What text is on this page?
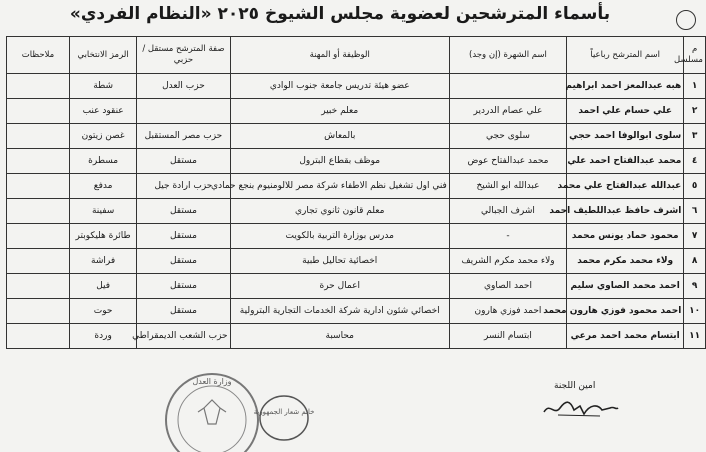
بأسماء المترشحين لعضوية مجلس الشيوخ ٢٠٢٥ «النظام الفردي»
م مسلسل	اسم المترشح رباعياً	اسم الشهرة (إن وجد)	الوظيفة أو المهنة	صفة المترشح مستقل / حزبي	الرمز الانتخابي	ملاحظات
١	هبه عبدالمعز احمد ابراهيم		عضو هيئة تدريس جامعة جنوب الوادي	حزب العدل	شطة	
٢	علي حسام علي احمد	علي عصام الدردير	معلم خبير		عنقود عنب	
٣	سلوى ابوالوفا احمد حجي	سلوى حجي	بالمعاش	حزب مصر المستقبل	غصن زيتون	
٤	محمد عبدالفتاح احمد علي	محمد عبدالفتاح عوض	موظف بقطاع البترول	مستقل	مسطرة	
٥	عبدالله عبدالفتاح علي محمد	عبدالله ابو الشيخ	فني اول تشغيل نظم الاطفاء شركة مصر للالومنيوم بنجع حمادي	حزب ارادة جيل	مدفع	
٦	اشرف حافظ عبداللطيف احمد	اشرف الجبالي	معلم قانون ثانوي تجاري	مستقل	سفينة	
٧	محمود حماد يونس محمد	-	مدرس بوزارة التربية بالكويت	مستقل	طائرة هليكوبتر	
٨	ولاء محمد مكرم محمد	ولاء محمد مكرم الشريف	اخصائية تحاليل طبية	مستقل	فراشة	
٩	احمد محمد الصاوي سليم	احمد الصاوي	اعمال حرة	مستقل	فيل	
١٠	احمد محمود فوزي هارون محمد	احمد فوزي هارون	اخصائي شئون ادارية شركة الخدمات التجارية البترولية	مستقل	حوت	
١١	ابتسام محمد احمد مرعي	ابتسام النسر	محاسبة	حزب الشعب الديمقراطي	وردة	
امين اللجنة
وزارة العدل
خاتم شعار الجمهورية
